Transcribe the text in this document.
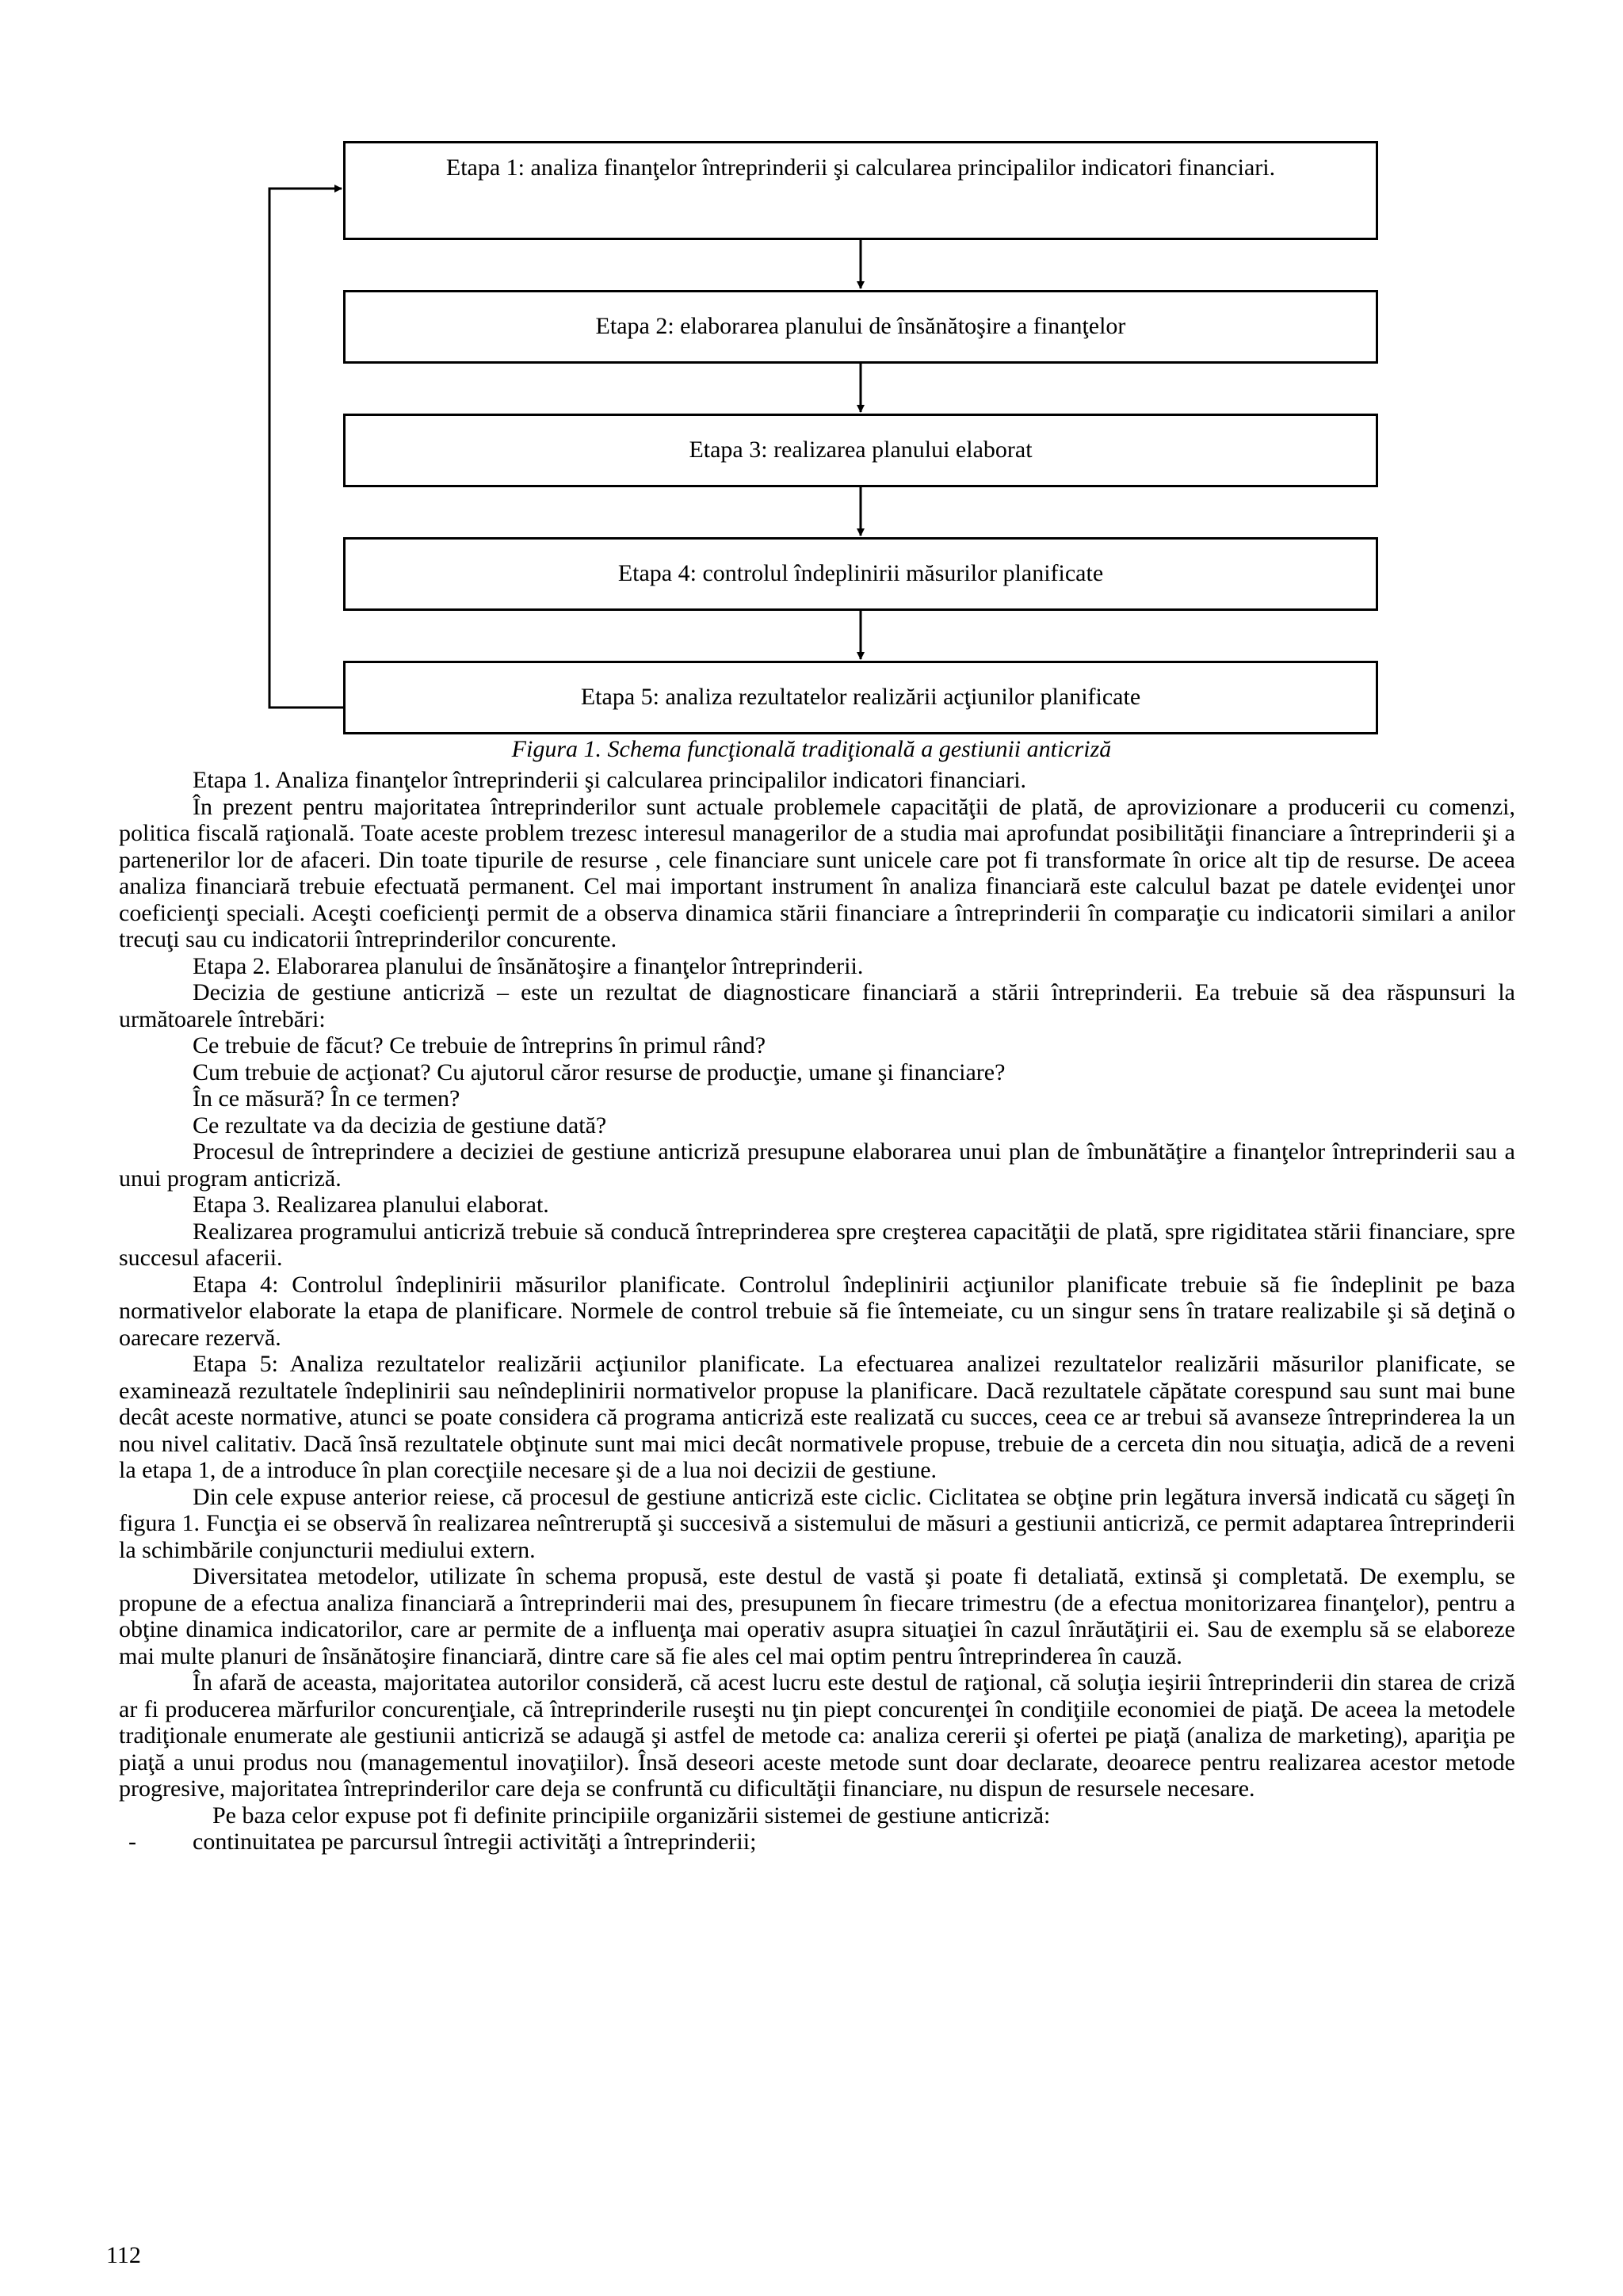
Etapa 1: analiza finanţelor întreprinderii şi calcularea principalilor indicatori financiari.
Etapa 2: elaborarea planului de însănătoşire a finanţelor
Etapa 3: realizarea planului elaborat
Etapa 4: controlul îndeplinirii măsurilor planificate
Etapa 5: analiza rezultatelor realizării acţiunilor planificate
Figura 1. Schema funcţională tradiţională a gestiunii anticriză

Etapa 1. Analiza finanţelor întreprinderii şi calcularea principalilor indicatori financiari.

În prezent pentru majoritatea întreprinderilor sunt actuale problemele capacităţii de plată, de aprovizionare a producerii cu comenzi, politica fiscală raţională. Toate aceste problem trezesc interesul managerilor de a studia mai aprofundat posibilităţii financiare a întreprinderii şi a partenerilor lor de afaceri. Din toate tipurile de resurse , cele financiare sunt unicele care pot fi transformate în orice alt tip de resurse. De aceea analiza financiară trebuie efectuată permanent. Cel mai important instrument în analiza financiară este calculul bazat pe datele evidenţei unor coeficienţi speciali. Aceşti coeficienţi permit de a observa dinamica stării financiare a întreprinderii în comparaţie cu indicatorii similari a anilor trecuţi sau cu indicatorii întreprinderilor concurente.

Etapa 2. Elaborarea planului de însănătoşire a finanţelor întreprinderii.

Decizia de gestiune anticriză – este un rezultat de diagnosticare financiară a stării întreprinderii. Ea trebuie să dea răspunsuri la următoarele întrebări:

Ce trebuie de făcut? Ce trebuie de întreprins în primul rând?

Cum trebuie de acţionat? Cu ajutorul căror resurse de producţie, umane şi financiare?

În ce măsură? În ce termen?

Ce rezultate va da decizia de gestiune dată?

Procesul de întreprindere a deciziei de gestiune anticriză presupune elaborarea unui plan de îmbunătăţire a finanţelor întreprinderii sau a unui program anticriză.

Etapa 3. Realizarea planului elaborat.

Realizarea programului anticriză trebuie să conducă întreprinderea spre creşterea capacităţii de plată, spre rigiditatea stării financiare, spre succesul afacerii.

Etapa 4: Controlul îndeplinirii măsurilor planificate. Controlul îndeplinirii acţiunilor planificate trebuie să fie îndeplinit pe baza normativelor elaborate la etapa de planificare. Normele de control trebuie să fie întemeiate, cu un singur sens în tratare realizabile şi să deţină o oarecare rezervă.

Etapa 5: Analiza rezultatelor realizării acţiunilor planificate. La efectuarea analizei rezultatelor realizării măsurilor planificate, se examinează rezultatele îndeplinirii sau neîndeplinirii normativelor propuse la planificare. Dacă rezultatele căpătate corespund sau sunt mai bune decât aceste normative, atunci se poate considera că programa anticriză este realizată cu succes, ceea ce ar trebui să avanseze întreprinderea la un nou nivel calitativ. Dacă însă rezultatele obţinute sunt mai mici decât normativele propuse, trebuie de a cerceta din nou situaţia, adică de a reveni la etapa 1, de a introduce în plan corecţiile necesare şi de a lua noi decizii de gestiune.

Din cele expuse anterior reiese, că procesul de gestiune anticriză este ciclic. Ciclitatea se obţine prin legătura inversă indicată cu săgeţi în figura 1. Funcţia ei se observă în realizarea neîntreruptă şi succesivă a sistemului de măsuri a gestiunii anticriză, ce permit adaptarea întreprinderii la schimbările conjuncturii mediului extern.

Diversitatea metodelor, utilizate în schema propusă, este destul de vastă şi poate fi detaliată, extinsă şi completată. De exemplu, se propune de a efectua analiza financiară a întreprinderii mai des, presupunem în fiecare trimestru (de a efectua monitorizarea finanţelor), pentru a obţine dinamica indicatorilor, care ar permite de a influenţa mai operativ asupra situaţiei în cazul înrăutăţirii ei. Sau de exemplu să se elaboreze mai multe planuri de însănătoşire financiară, dintre care să fie ales cel mai optim pentru întreprinderea în cauză.

În afară de aceasta, majoritatea autorilor consideră, că acest lucru este destul de raţional, că soluţia ieşirii întreprinderii din starea de criză ar fi producerea mărfurilor concurenţiale, că întreprinderile ruseşti nu ţin piept concurenţei în condiţiile economiei de piaţă. De aceea la metodele tradiţionale enumerate ale gestiunii anticriză se adaugă şi astfel de metode ca: analiza cererii şi ofertei pe piaţă (analiza de marketing), apariţia pe piaţă a unui produs nou (managementul inovaţiilor). Însă deseori aceste metode sunt doar declarate, deoarece pentru realizarea acestor metode progresive, majoritatea întreprinderilor care deja se confruntă cu dificultăţii financiare, nu dispun de resursele necesare.

Pe baza celor expuse pot fi definite principiile organizării sistemei de gestiune anticriză:

- continuitatea pe parcursul întregii activităţi a întreprinderii;

112
